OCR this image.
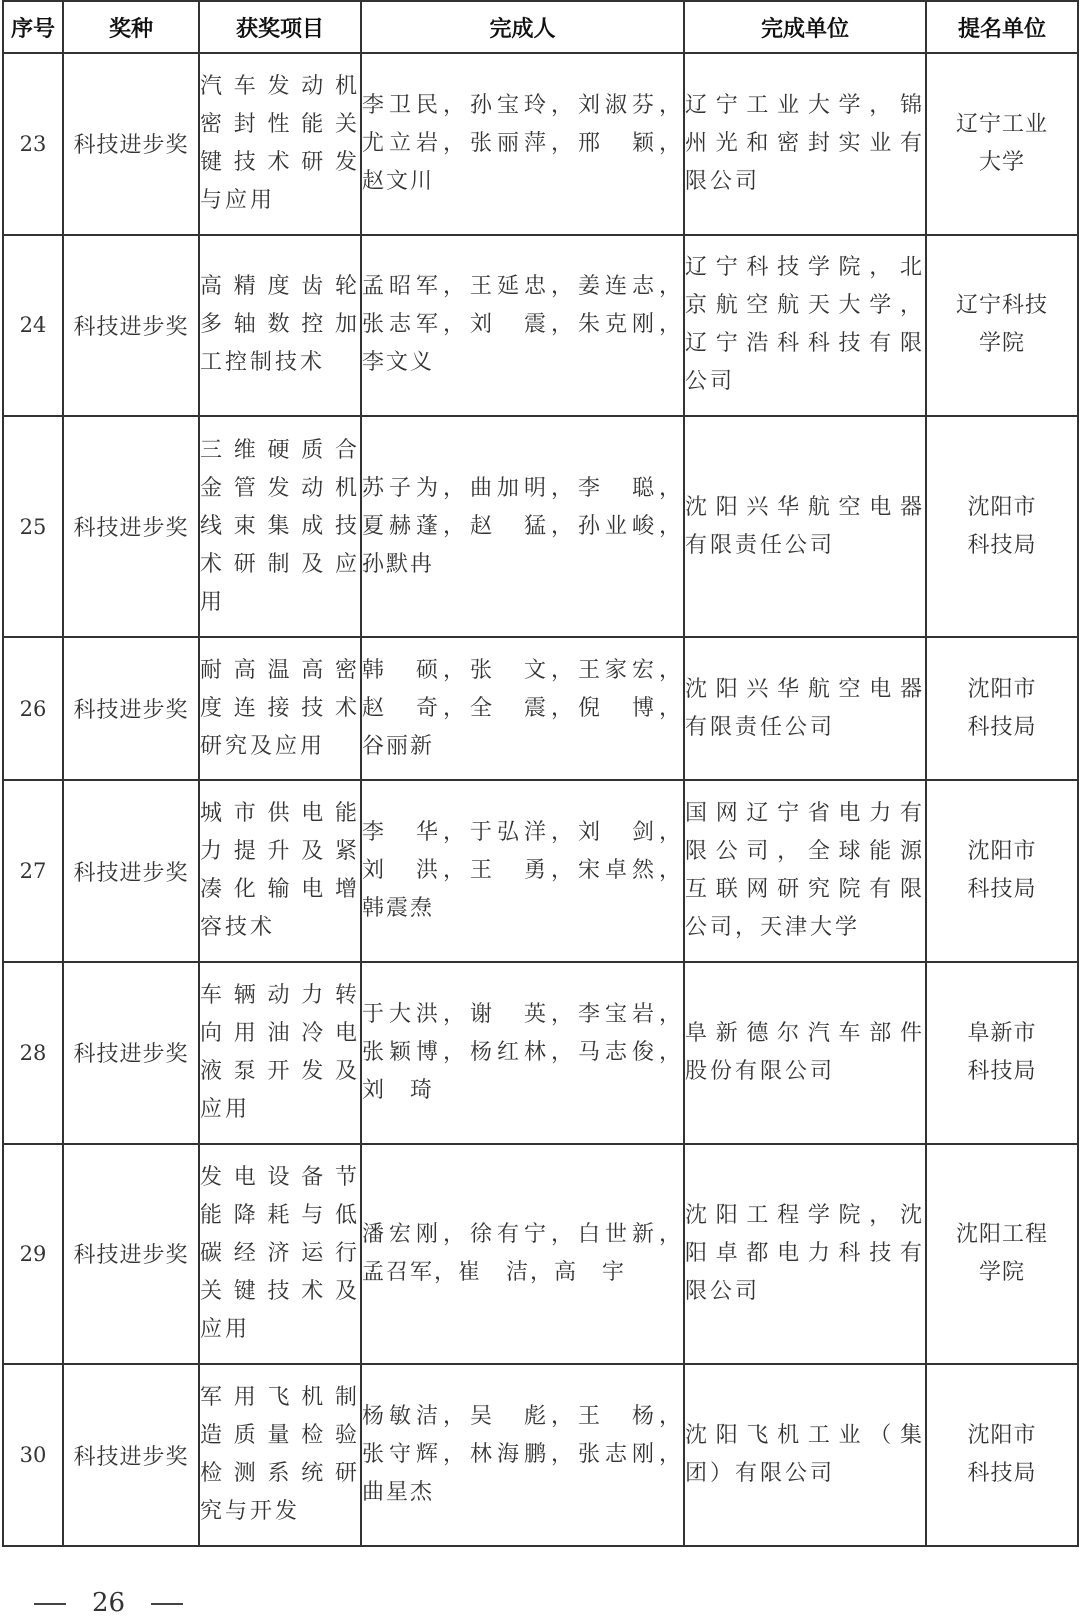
序号	奖种	获奖项目	完成人	完成单位	提名单位
23	科技进步奖	汽车发动机
密封性能关
键技术研发
与应用	李卫民，孙宝玲，刘淑芬，
尤立岩，张丽萍，邢　颖，
赵文川	辽宁工业大学，锦
州光和密封实业有
限公司	辽宁工业
大学

24	科技进步奖	高精度齿轮
多轴数控加
工控制技术	孟昭军，王延忠，姜连志，
张志军，刘　震，朱克刚，
李文义	辽宁科技学院，北
京航空航天大学，
辽宁浩科科技有限
公司	辽宁科技
学院

25	科技进步奖	三维硬质合
金管发动机
线束集成技
术研制及应
用	苏子为，曲加明，李　聪，
夏赫蓬，赵　猛，孙业峻，
孙默冉	沈阳兴华航空电器
有限责任公司	沈阳市
科技局

26	科技进步奖	耐高温高密
度连接技术
研究及应用	韩　硕，张　文，王家宏，
赵　奇，全　震，倪　博，
谷丽新	沈阳兴华航空电器
有限责任公司	沈阳市
科技局

27	科技进步奖	城市供电能
力提升及紧
凑化输电增
容技术	李　华，于弘洋，刘　剑，
刘　洪，王　勇，宋卓然，
韩震焘	国网辽宁省电力有
限公司，全球能源
互联网研究院有限
公司，天津大学	沈阳市
科技局

28	科技进步奖	车辆动力转
向用油冷电
液泵开发及
应用	于大洪，谢　英，李宝岩，
张颖博，杨红林，马志俊，
刘　琦	阜新德尔汽车部件
股份有限公司	阜新市
科技局

29	科技进步奖	发电设备节
能降耗与低
碳经济运行
关键技术及
应用	潘宏刚，徐有宁，白世新，
孟召军，崔　洁，高　宇	沈阳工程学院，沈
阳卓都电力科技有
限公司	沈阳工程
学院

30	科技进步奖	军用飞机制
造质量检验
检测系统研
究与开发	杨敏洁，吴　彪，王　杨，
张守辉，林海鹏，张志刚，
曲星杰	沈阳飞机工业（集
团）有限公司	沈阳市
科技局
26
